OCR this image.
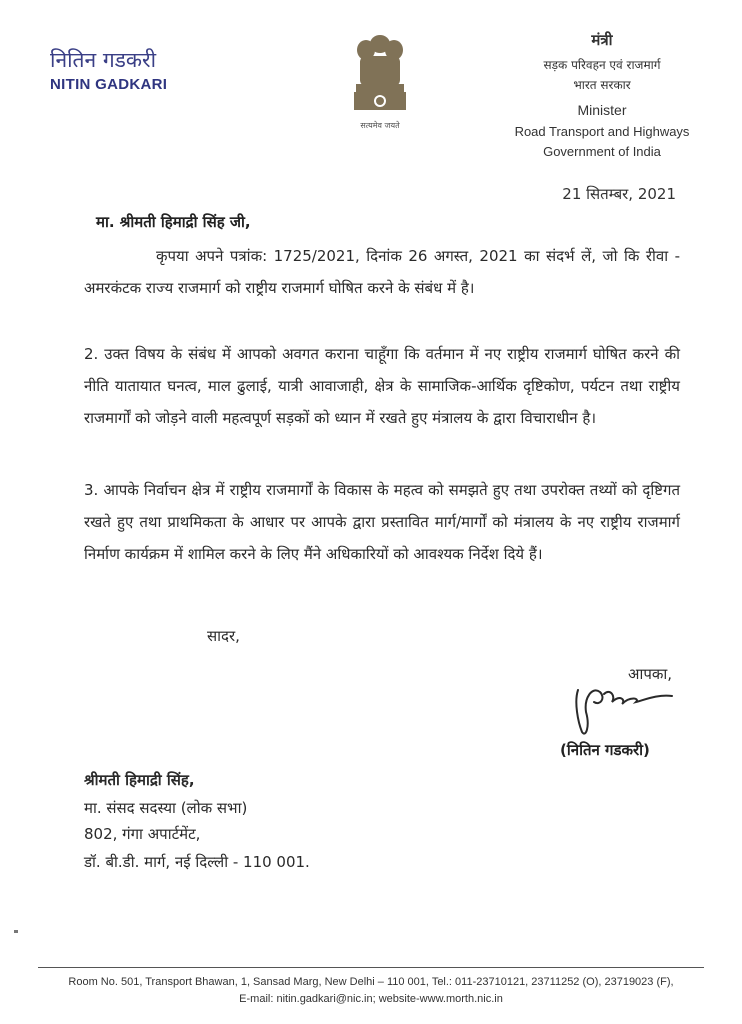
नितिन गडकरी
NITIN GADKARI
सत्यमेव जयते
मंत्री
सड़क परिवहन एवं राजमार्ग
भारत सरकार
Minister
Road Transport and Highways
Government of India
21 सितम्बर, 2021
मा. श्रीमती हिमाद्री सिंह जी,
कृपया अपने पत्रांक: 1725/2021, दिनांक 26 अगस्त, 2021 का संदर्भ लें, जो कि रीवा - अमरकंटक राज्य राजमार्ग को राष्ट्रीय राजमार्ग घोषित करने के संबंध में है।
2. उक्त विषय के संबंध में आपको अवगत कराना चाहूँगा कि वर्तमान में नए राष्ट्रीय राजमार्ग घोषित करने की नीति यातायात घनत्व, माल ढुलाई, यात्री आवाजाही, क्षेत्र के सामाजिक-आर्थिक दृष्टिकोण, पर्यटन तथा राष्ट्रीय राजमार्गों को जोड़ने वाली महत्वपूर्ण सड़कों को ध्यान में रखते हुए मंत्रालय के द्वारा विचाराधीन है।
3. आपके निर्वाचन क्षेत्र में राष्ट्रीय राजमार्गों के विकास के महत्व को समझते हुए तथा उपरोक्त तथ्यों को दृष्टिगत रखते हुए तथा प्राथमिकता के आधार पर आपके द्वारा प्रस्तावित मार्ग/मार्गों को मंत्रालय के नए राष्ट्रीय राजमार्ग निर्माण कार्यक्रम में शामिल करने के लिए मैंने अधिकारियों को आवश्यक निर्देश दिये हैं।
सादर,
आपका,
(नितिन गडकरी)
श्रीमती हिमाद्री सिंह,
मा. संसद सदस्या (लोक सभा)
802, गंगा अपार्टमेंट,
डॉ. बी.डी. मार्ग, नई दिल्ली - 110 001.
Room No. 501, Transport Bhawan, 1, Sansad Marg, New Delhi – 110 001, Tel.: 011-23710121, 23711252 (O), 23719023 (F),
E-mail: nitin.gadkari@nic.in; website-www.morth.nic.in
